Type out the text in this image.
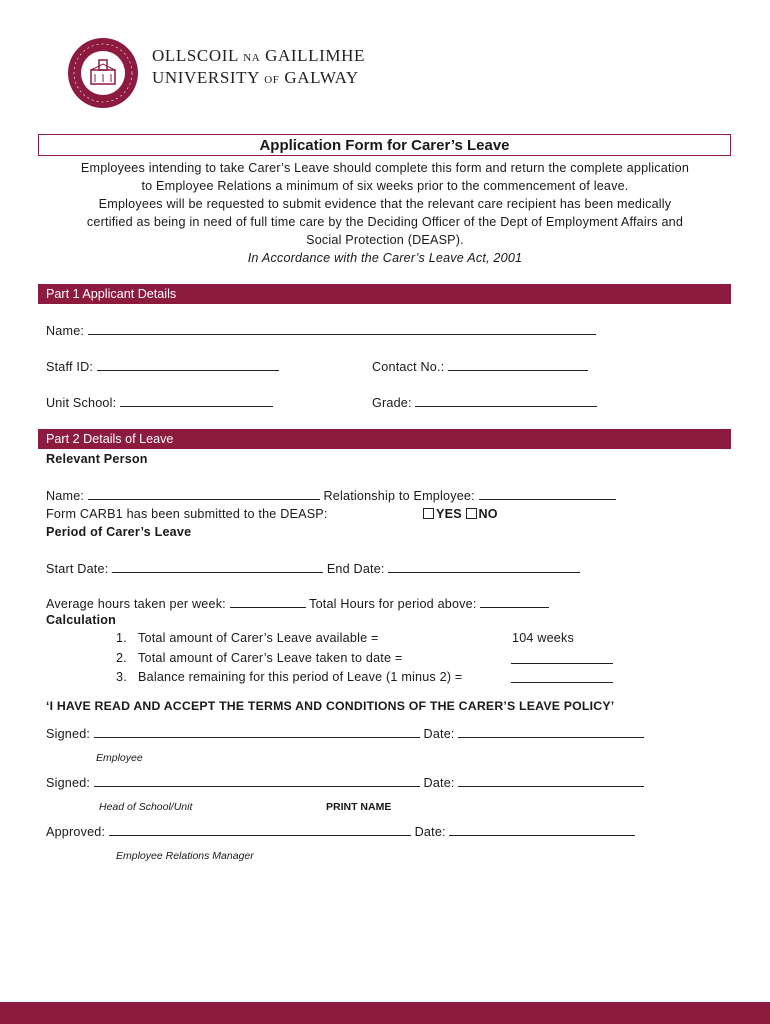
OLLSCOIL NA GAILLIMHE
UNIVERSITY OF GALWAY
Application Form for Carer’s Leave
Employees intending to take Carer’s Leave should complete this form and return the complete application
to Employee Relations a minimum of six weeks prior to the commencement of leave.
Employees will be requested to submit evidence that the relevant care recipient has been medically
certified as being in need of full time care by the Deciding Officer of the Dept of Employment Affairs and
Social Protection (DEASP).
In Accordance with the Carer’s Leave Act, 2001
Part 1 Applicant Details
Name:
Staff ID:	Contact No.:
Unit School:	Grade:
Part 2 Details of Leave
Relevant Person
Name:	Relationship to Employee:
Form CARB1 has been submitted to the DEASP:	YES NO
Period of Carer’s Leave
Start Date:	End Date:
Average hours taken per week:	Total Hours for period above:
Calculation
1. Total amount of Carer’s Leave available =	104 weeks
2. Total amount of Carer’s Leave taken to date =
3. Balance remaining for this period of Leave (1 minus 2) =
‘I HAVE READ AND ACCEPT THE TERMS AND CONDITIONS OF THE CARER’S LEAVE POLICY’
Signed:	Date:
Employee
Signed:	Date:
Head of School/Unit	PRINT NAME
Approved:	Date:
Employee Relations Manager
